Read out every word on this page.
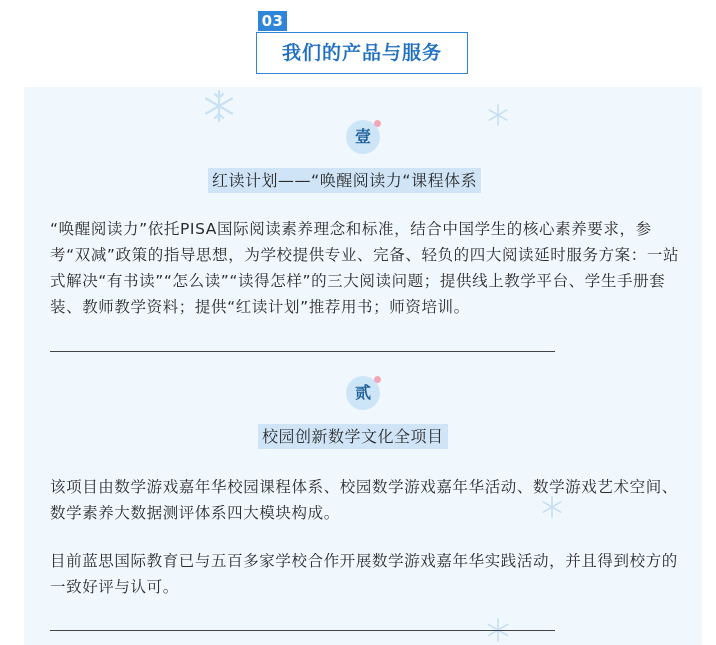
03
我们的产品与服务
壹
红读计划——“唤醒阅读力“课程体系
“唤醒阅读力”依托PISA国际阅读素养理念和标准，结合中国学生的核心素养要求，参考“双减”政策的指导思想，为学校提供专业、完备、轻负的四大阅读延时服务方案：一站式解决“有书读”“怎么读”“读得怎样”的三大阅读问题；提供线上教学平台、学生手册套装、教师教学资料；提供“红读计划”推荐用书；师资培训。
贰
校园创新数学文化全项目
该项目由数学游戏嘉年华校园课程体系、校园数学游戏嘉年华活动、数学游戏艺术空间、数学素养大数据测评体系四大模块构成。
目前蓝思国际教育已与五百多家学校合作开展数学游戏嘉年华实践活动，并且得到校方的一致好评与认可。
